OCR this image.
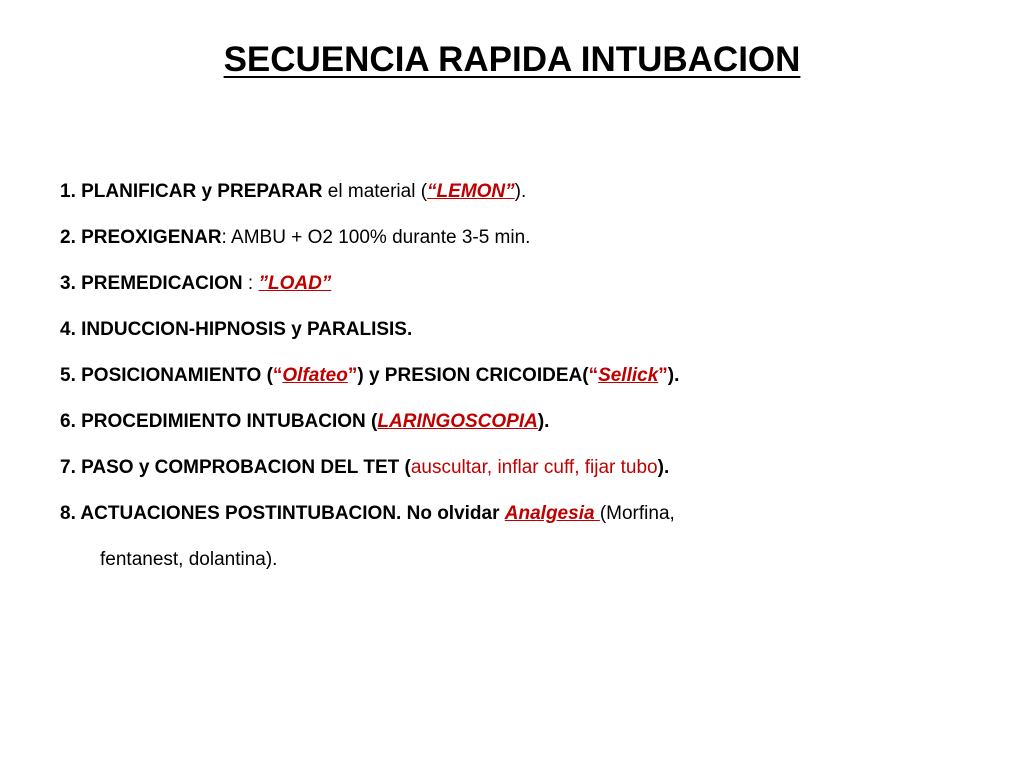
SECUENCIA RAPIDA INTUBACION
1. PLANIFICAR y PREPARAR el material (“LEMON”).
2. PREOXIGENAR: AMBU + O2 100% durante 3-5 min.
3. PREMEDICACION : ”LOAD”
4. INDUCCION-HIPNOSIS y PARALISIS.
5. POSICIONAMIENTO (“Olfateo”) y PRESION CRICOIDEA(“Sellick”).
6. PROCEDIMIENTO INTUBACION (LARINGOSCOPIA).
7. PASO y COMPROBACION DEL TET (auscultar, inflar cuff, fijar tubo).
8. ACTUACIONES POSTINTUBACION. No olvidar Analgesia (Morfina,
fentanest, dolantina).
